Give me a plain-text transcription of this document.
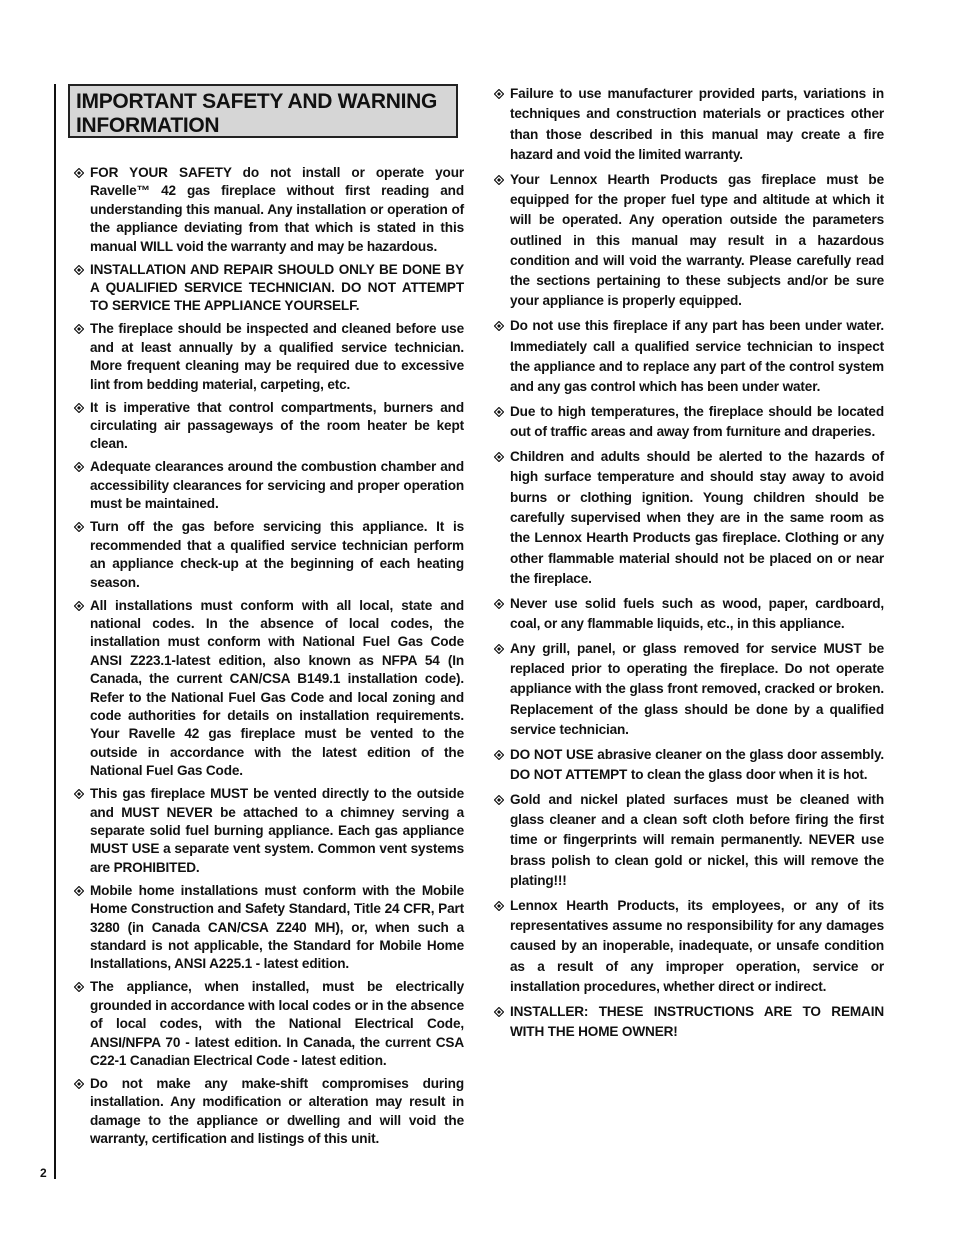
2
IMPORTANT SAFETY AND WARNING
INFORMATION
FOR YOUR SAFETY do not install or operate your Ravelle™ 42 gas fireplace without first reading and understanding this manual. Any installation or operation of the appliance deviating from that which is stated in this manual WILL void the warranty and may be hazardous.
INSTALLATION AND REPAIR SHOULD ONLY BE DONE BY A QUALIFIED SERVICE TECHNICIAN. DO NOT ATTEMPT TO SERVICE THE APPLIANCE YOURSELF.
The fireplace should be inspected and cleaned before use and at least annually by a qualified service technician. More frequent cleaning may be required due to excessive lint from bedding material, carpeting, etc.
It is imperative that control compartments, burners and circulating air passageways of the room heater be kept clean.
Adequate clearances around the combustion chamber and accessibility clearances for servicing and proper operation must be maintained.
Turn off the gas before servicing this appliance. It is recommended that a qualified service technician perform an appliance check-up at the beginning of each heating season.
All installations must conform with all local, state and national codes. In the absence of local codes, the installation must conform with National Fuel Gas Code ANSI Z223.1-latest edition, also known as NFPA 54 (In Canada, the current CAN/CSA B149.1 installation code). Refer to the National Fuel Gas Code and local zoning and code authorities for details on installation requirements. Your Ravelle 42 gas fireplace must be vented to the outside in accordance with the latest edition of the National Fuel Gas Code.
This gas fireplace MUST be vented directly to the outside and MUST NEVER be attached to a chimney serving a separate solid fuel burning appliance. Each gas appliance MUST USE a separate vent system. Common vent systems are PROHIBITED.
Mobile home installations must conform with the Mobile Home Construction and Safety Standard, Title 24 CFR, Part 3280 (in Canada CAN/CSA Z240 MH), or, when such a standard is not applicable, the Standard for Mobile Home Installations, ANSI A225.1 - latest edition.
The appliance, when installed, must be electrically grounded in accordance with local codes or in the absence of local codes, with the National Electrical Code, ANSI/NFPA 70 - latest edition. In Canada, the current CSA C22-1 Canadian Electrical Code - latest edition.
Do not make any make-shift compromises during installation. Any modification or alteration may result in damage to the appliance or dwelling and will void the warranty, certification and listings of this unit.
Failure to use manufacturer provided parts, variations in techniques and construction materials or practices other than those described in this manual may create a fire hazard and void the limited warranty.
Your Lennox Hearth Products gas fireplace must be equipped for the proper fuel type and altitude at which it will be operated. Any operation outside the parameters outlined in this manual may result in a hazardous condition and will void the warranty. Please carefully read the sections pertaining to these subjects and/or be sure your appliance is properly equipped.
Do not use this fireplace if any part has been under water. Immediately call a qualified service technician to inspect the appliance and to replace any part of the control system and any gas control which has been under water.
Due to high temperatures, the fireplace should be located out of traffic areas and away from furniture and draperies.
Children and adults should be alerted to the hazards of high surface temperature and should stay away to avoid burns or clothing ignition. Young children should be carefully supervised when they are in the same room as the Lennox Hearth Products gas fireplace. Clothing or any other flammable material should not be placed on or near the fireplace.
Never use solid fuels such as wood, paper, cardboard, coal, or any flammable liquids, etc., in this appliance.
Any grill, panel, or glass removed for service MUST be replaced prior to operating the fireplace. Do not operate appliance with the glass front removed, cracked or broken. Replacement of the glass should be done by a qualified service technician.
DO NOT USE abrasive cleaner on the glass door assembly. DO NOT ATTEMPT to clean the glass door when it is hot.
Gold and nickel plated surfaces must be cleaned with glass cleaner and a clean soft cloth before firing the first time or fingerprints will remain permanently. NEVER use brass polish to clean gold or nickel, this will remove the plating!!!
Lennox Hearth Products, its employees, or any of its representatives assume no responsibility for any damages caused by an inoperable, inadequate, or unsafe condition as a result of any improper operation, service or installation procedures, whether direct or indirect.
INSTALLER: THESE INSTRUCTIONS ARE TO REMAIN WITH THE HOME OWNER!
